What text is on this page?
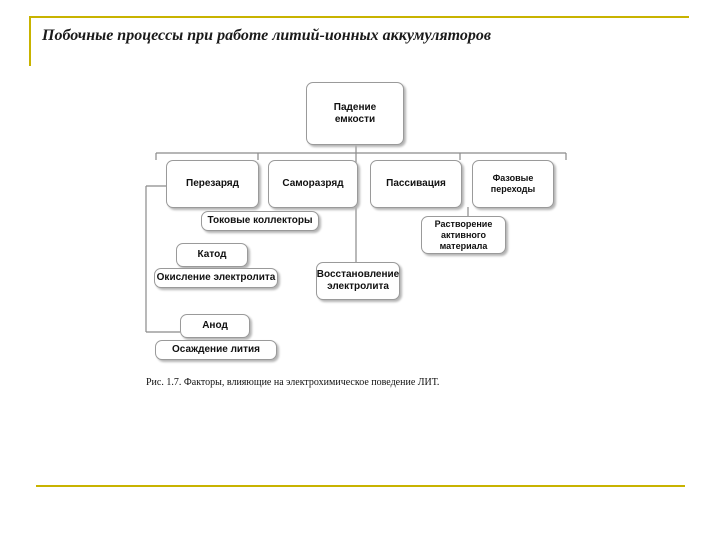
Побочные процессы при работе литий-ионных аккумуляторов
Падение
емкости
Перезаряд	Саморазряд	Пассивация	Фазовые
переходы
Токовые коллекторы
Катод
Окисление электролита
Анод
Осаждение лития
Восстановление
электролита
Растворение
активного
материала
Рис. 1.7. Факторы, влияющие на электрохимическое поведение ЛИТ.
